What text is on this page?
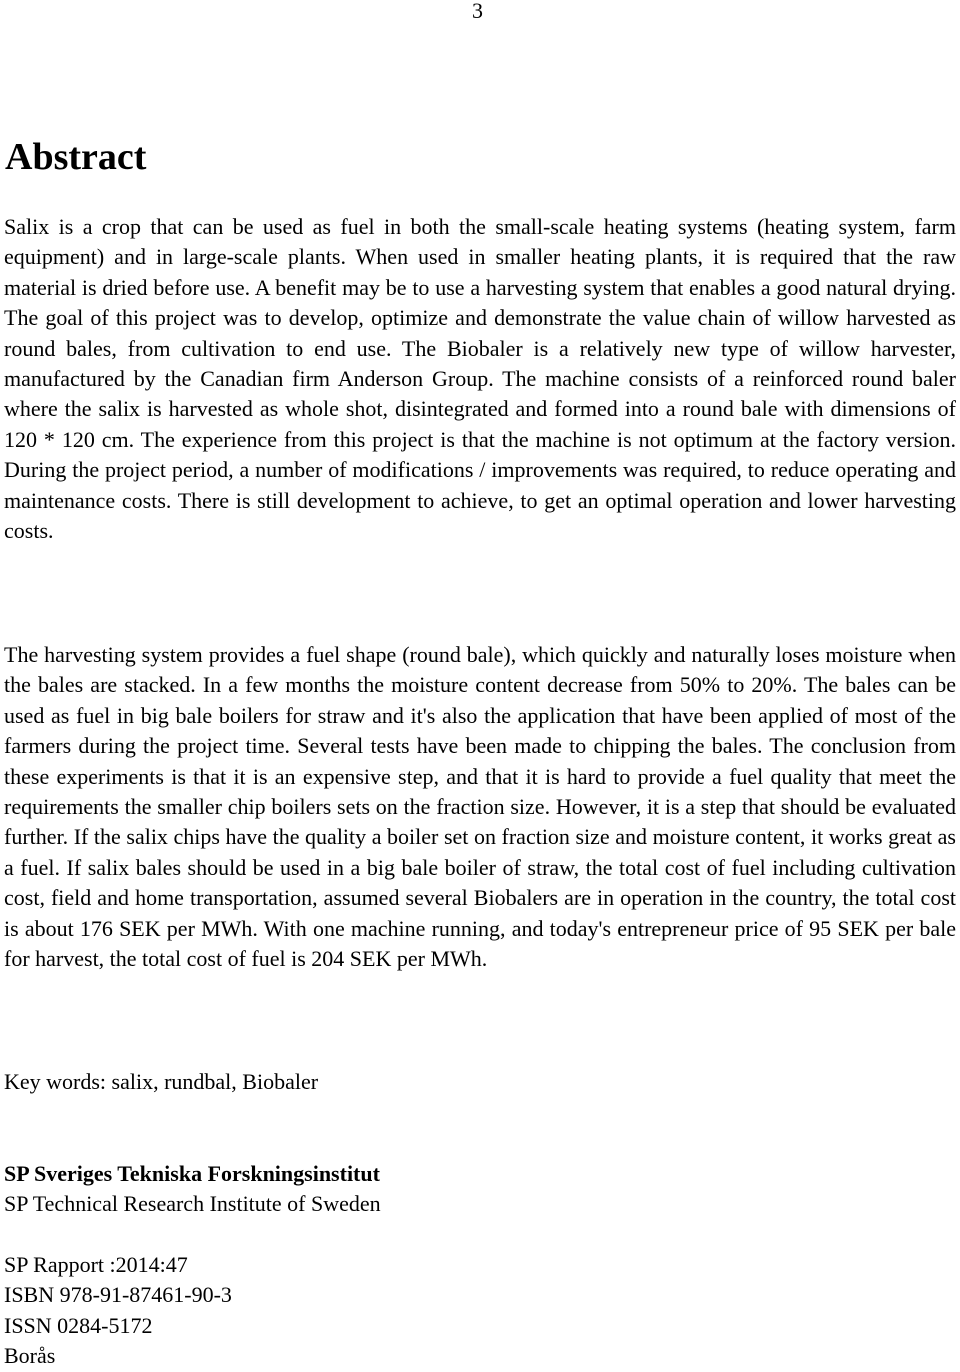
3
Abstract

Salix is a crop that can be used as fuel in both the small-scale heating systems (heating system, farm equipment) and in large-scale plants. When used in smaller heating plants, it is required that the raw material is dried before use. A benefit may be to use a harvesting system that enables a good natural drying. The goal of this project was to develop, optimize and demonstrate the value chain of willow harvested as round bales, from cultivation to end use. The Biobaler is a relatively new type of willow harvester, manufactured by the Canadian firm Anderson Group. The machine consists of a reinforced round baler where the salix is harvested as whole shot, disintegrated and formed into a round bale with dimensions of 120 * 120 cm. The experience from this project is that the machine is not optimum at the factory version. During the project period, a number of modifications / improvements was required, to reduce operating and maintenance costs. There is still development to achieve, to get an optimal operation and lower harvesting costs.

The harvesting system provides a fuel shape (round bale), which quickly and naturally loses moisture when the bales are stacked. In a few months the moisture content decrease from 50% to 20%. The bales can be used as fuel in big bale boilers for straw and it's also the application that have been applied of most of the farmers during the project time. Several tests have been made to chipping the bales. The conclusion from these experiments is that it is an expensive step, and that it is hard to provide a fuel quality that meet the requirements the smaller chip boilers sets on the fraction size. However, it is a step that should be evaluated further. If the salix chips have the quality a boiler set on fraction size and moisture content, it works great as a fuel. If salix bales should be used in a big bale boiler of straw, the total cost of fuel including cultivation cost, field and home transportation, assumed several Biobalers are in operation in the country, the total cost is about 176 SEK per MWh. With one machine running, and today's entrepreneur price of 95 SEK per bale for harvest, the total cost of fuel is 204 SEK per MWh.

Key words: salix, rundbal, Biobaler

SP Sveriges Tekniska Forskningsinstitut
SP Technical Research Institute of Sweden
SP Rapport :2014:47
ISBN 978-91-87461-90-3
ISSN 0284-5172
Borås
